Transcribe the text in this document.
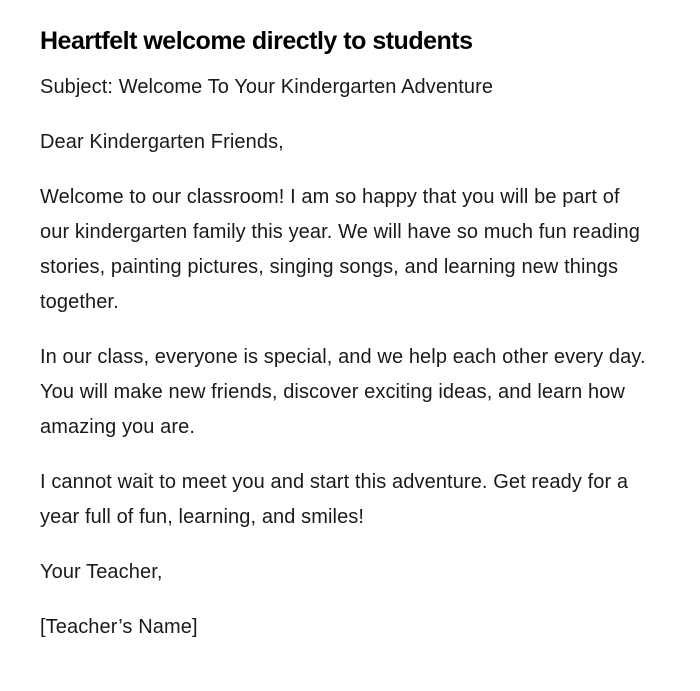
Heartfelt welcome directly to students

Subject: Welcome To Your Kindergarten Adventure

Dear Kindergarten Friends,

Welcome to our classroom! I am so happy that you will be part of our kindergarten family this year. We will have so much fun reading stories, painting pictures, singing songs, and learning new things together.

In our class, everyone is special, and we help each other every day. You will make new friends, discover exciting ideas, and learn how amazing you are.

I cannot wait to meet you and start this adventure. Get ready for a year full of fun, learning, and smiles!

Your Teacher,

[Teacher’s Name]
